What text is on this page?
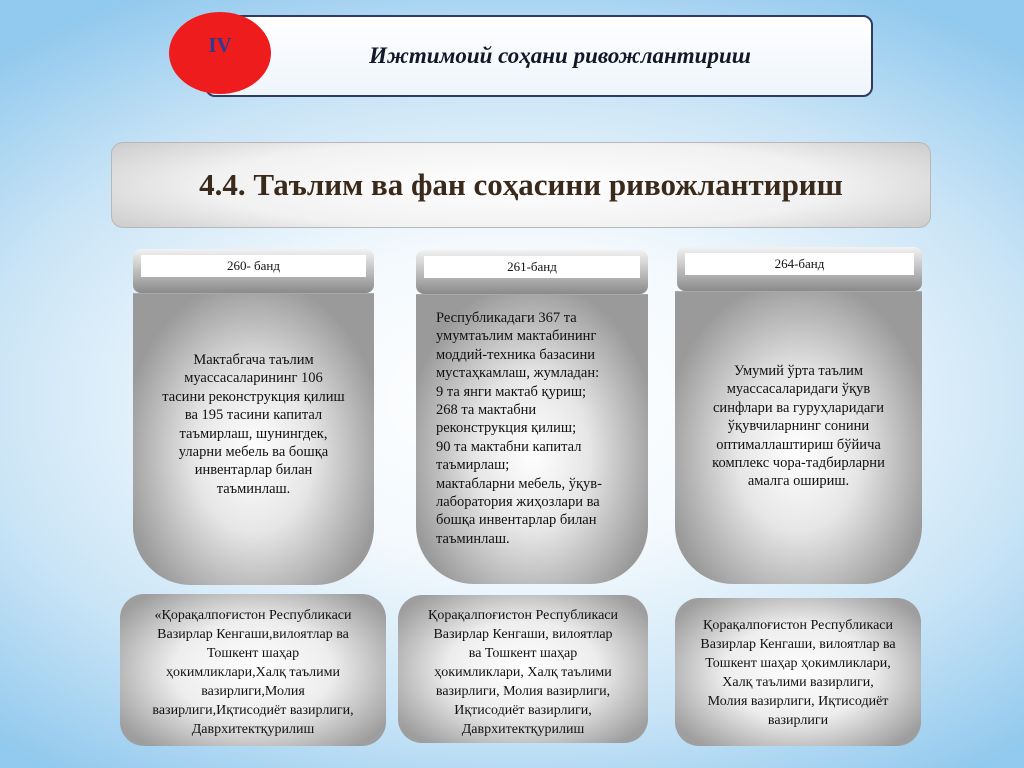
Ижтимоий соҳани ривожлантириш
IV
4.4. Таълим ва фан соҳасини ривожлантириш
260- банд
Мактабгача таълим
муассасаларининг 106
тасини реконструкция қилиш
ва 195 тасини капитал
таъмирлаш, шунингдек,
уларни мебель ва бошқа
инвентарлар билан
таъминлаш.
«Қорақалпоғистон Республикаси
Вазирлар Кенгаши,вилоятлар ва
Тошкент шаҳар
ҳокимликлари,Халқ таълими
вазирлиги,Молия
вазирлиги,Иқтисодиёт вазирлиги,
Даврхитектқурилиш
261-банд
Республикадаги 367 та
умумтаълим мактабининг
моддий-техника базасини
мустаҳкамлаш, жумладан:
9 та янги мактаб қуриш;
268 та мактабни
реконструкция қилиш;
90 та мактабни капитал
таъмирлаш;
мактабларни мебель, ўқув-
лаборатория жиҳозлари ва
бошқа инвентарлар билан
таъминлаш.
Қорақалпоғистон Республикаси
Вазирлар Кенгаши, вилоятлар
ва Тошкент шаҳар
ҳокимликлари, Халқ таълими
вазирлиги, Молия вазирлиги,
Иқтисодиёт вазирлиги,
Даврхитектқурилиш
264-банд
Умумий ўрта таълим
муассасаларидаги ўқув
синфлари ва гуруҳларидаги
ўқувчиларнинг сонини
оптималлаштириш бўйича
комплекс чора-тадбирларни
амалга ошириш.
Қорақалпоғистон Республикаси
Вазирлар Кенгаши, вилоятлар ва
Тошкент шаҳар ҳокимликлари,
Халқ таълими вазирлиги,
Молия вазирлиги, Иқтисодиёт
вазирлиги
